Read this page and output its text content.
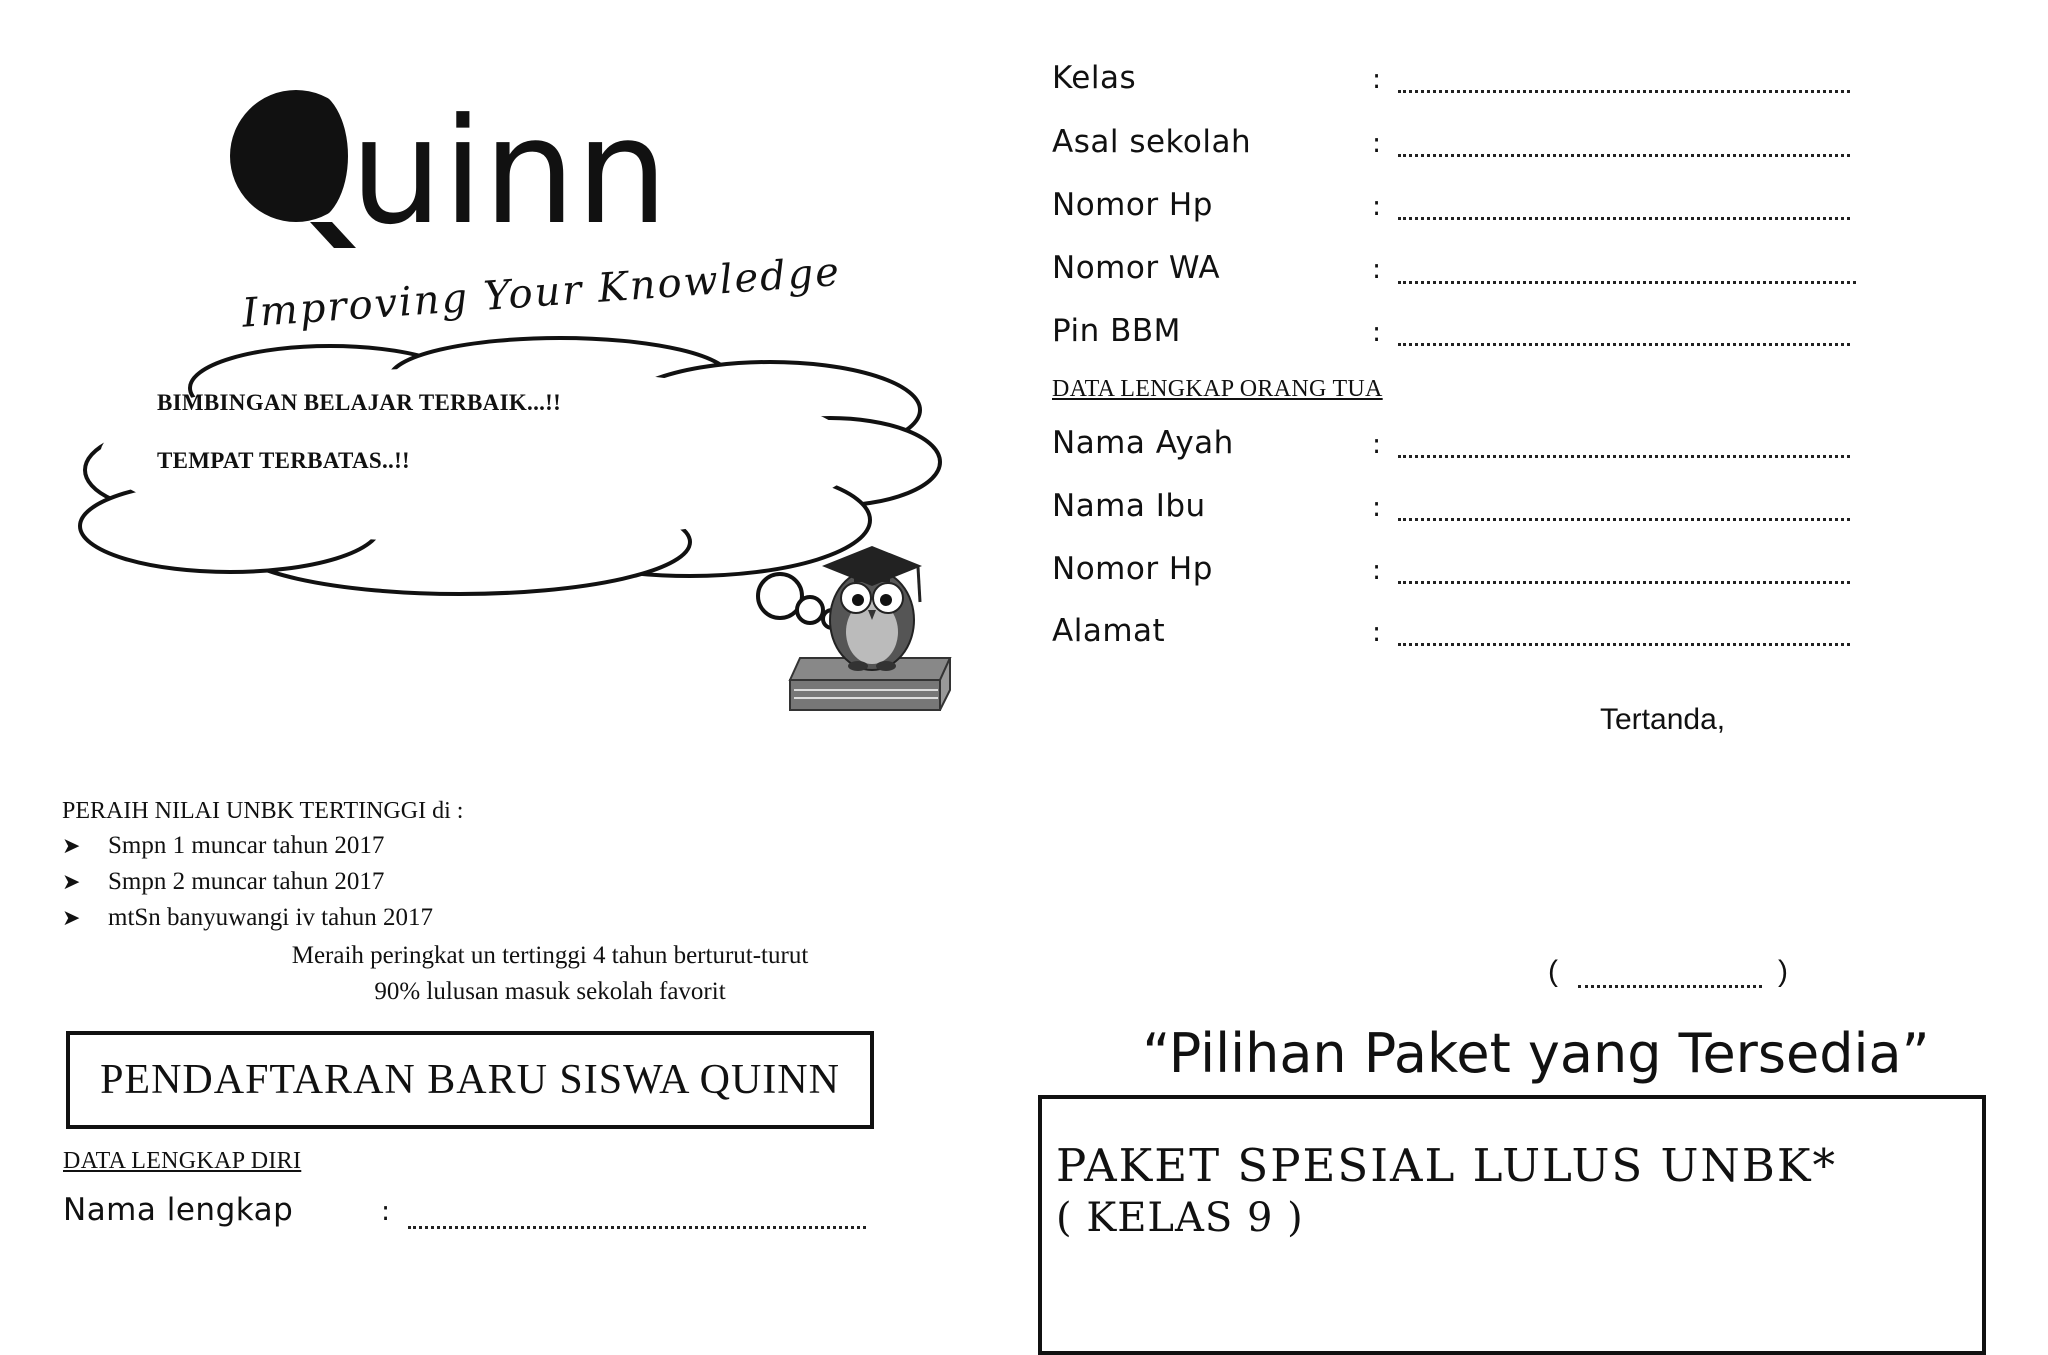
uinn
Improving Your Knowledge
BIMBINGAN BELAJAR TERBAIK...!!
TEMPAT TERBATAS..!!
PERAIH NILAI UNBK TERTINGGI di :
➤	Smpn 1 muncar tahun 2017
➤	Smpn 2 muncar tahun 2017
➤	mtSn banyuwangi iv tahun 2017
Meraih peringkat un tertinggi 4 tahun berturut-turut
90% lulusan masuk sekolah favorit
PENDAFTARAN BARU SISWA QUINN
DATA LENGKAP DIRI
Nama lengkap	:
Kelas	:
Asal sekolah	:
Nomor Hp	:
Nomor WA	:
Pin BBM	:
DATA LENGKAP ORANG TUA
Nama Ayah	:
Nama Ibu	:
Nomor Hp	:
Alamat	:
Tertanda,
(	)
“Pilihan Paket yang Tersedia”
PAKET SPESIAL LULUS UNBK*
( KELAS 9 )
